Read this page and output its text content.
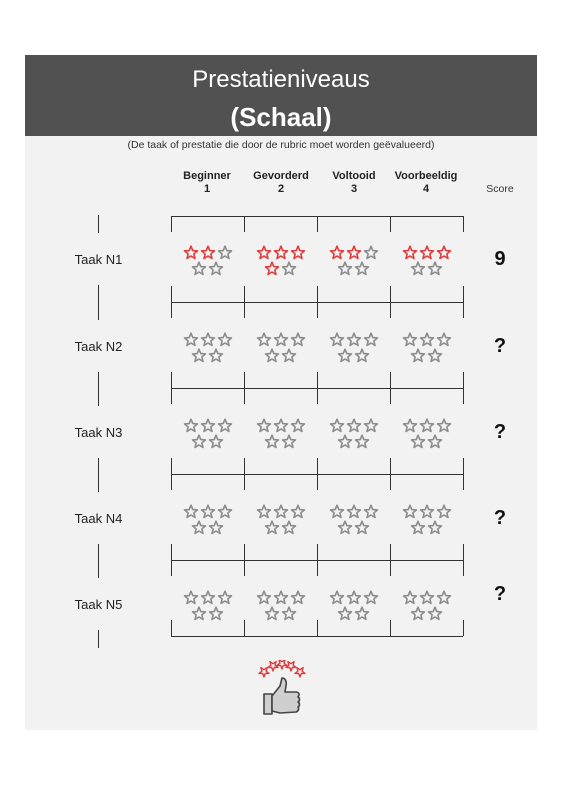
Prestatieniveaus
(Schaal)
(De taak of prestatie die door de rubric moet worden geëvalueerd)
Beginner
1
Gevorderd
2
Voltooid
3
Voorbeeldig
4	Score
Taak N1
Taak N2
Taak N3
Taak N4
Taak N5
9
?
?
?
?
